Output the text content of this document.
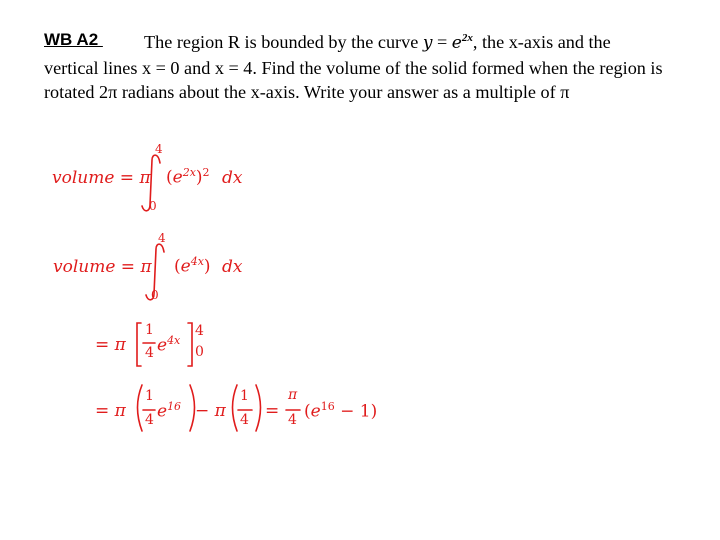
WB A2	The region R is bounded by the curve $y = e^{2x}$, the x-axis and the vertical lines x = 0 and x = 4. Find the volume of the solid formed when the region is rotated 2π radians about the x-axis. Write your answer as a multiple of π

volume = π
4
0
$(e^{2x})^2$ dx
volume = π
4
0
$(e^{4x})$ dx
= π
1
4 $e^{4x}$
4
0
= π
1
4 $e^{16} - \pi$
1
4 =
π
4 $(e^{16} - 1)$
